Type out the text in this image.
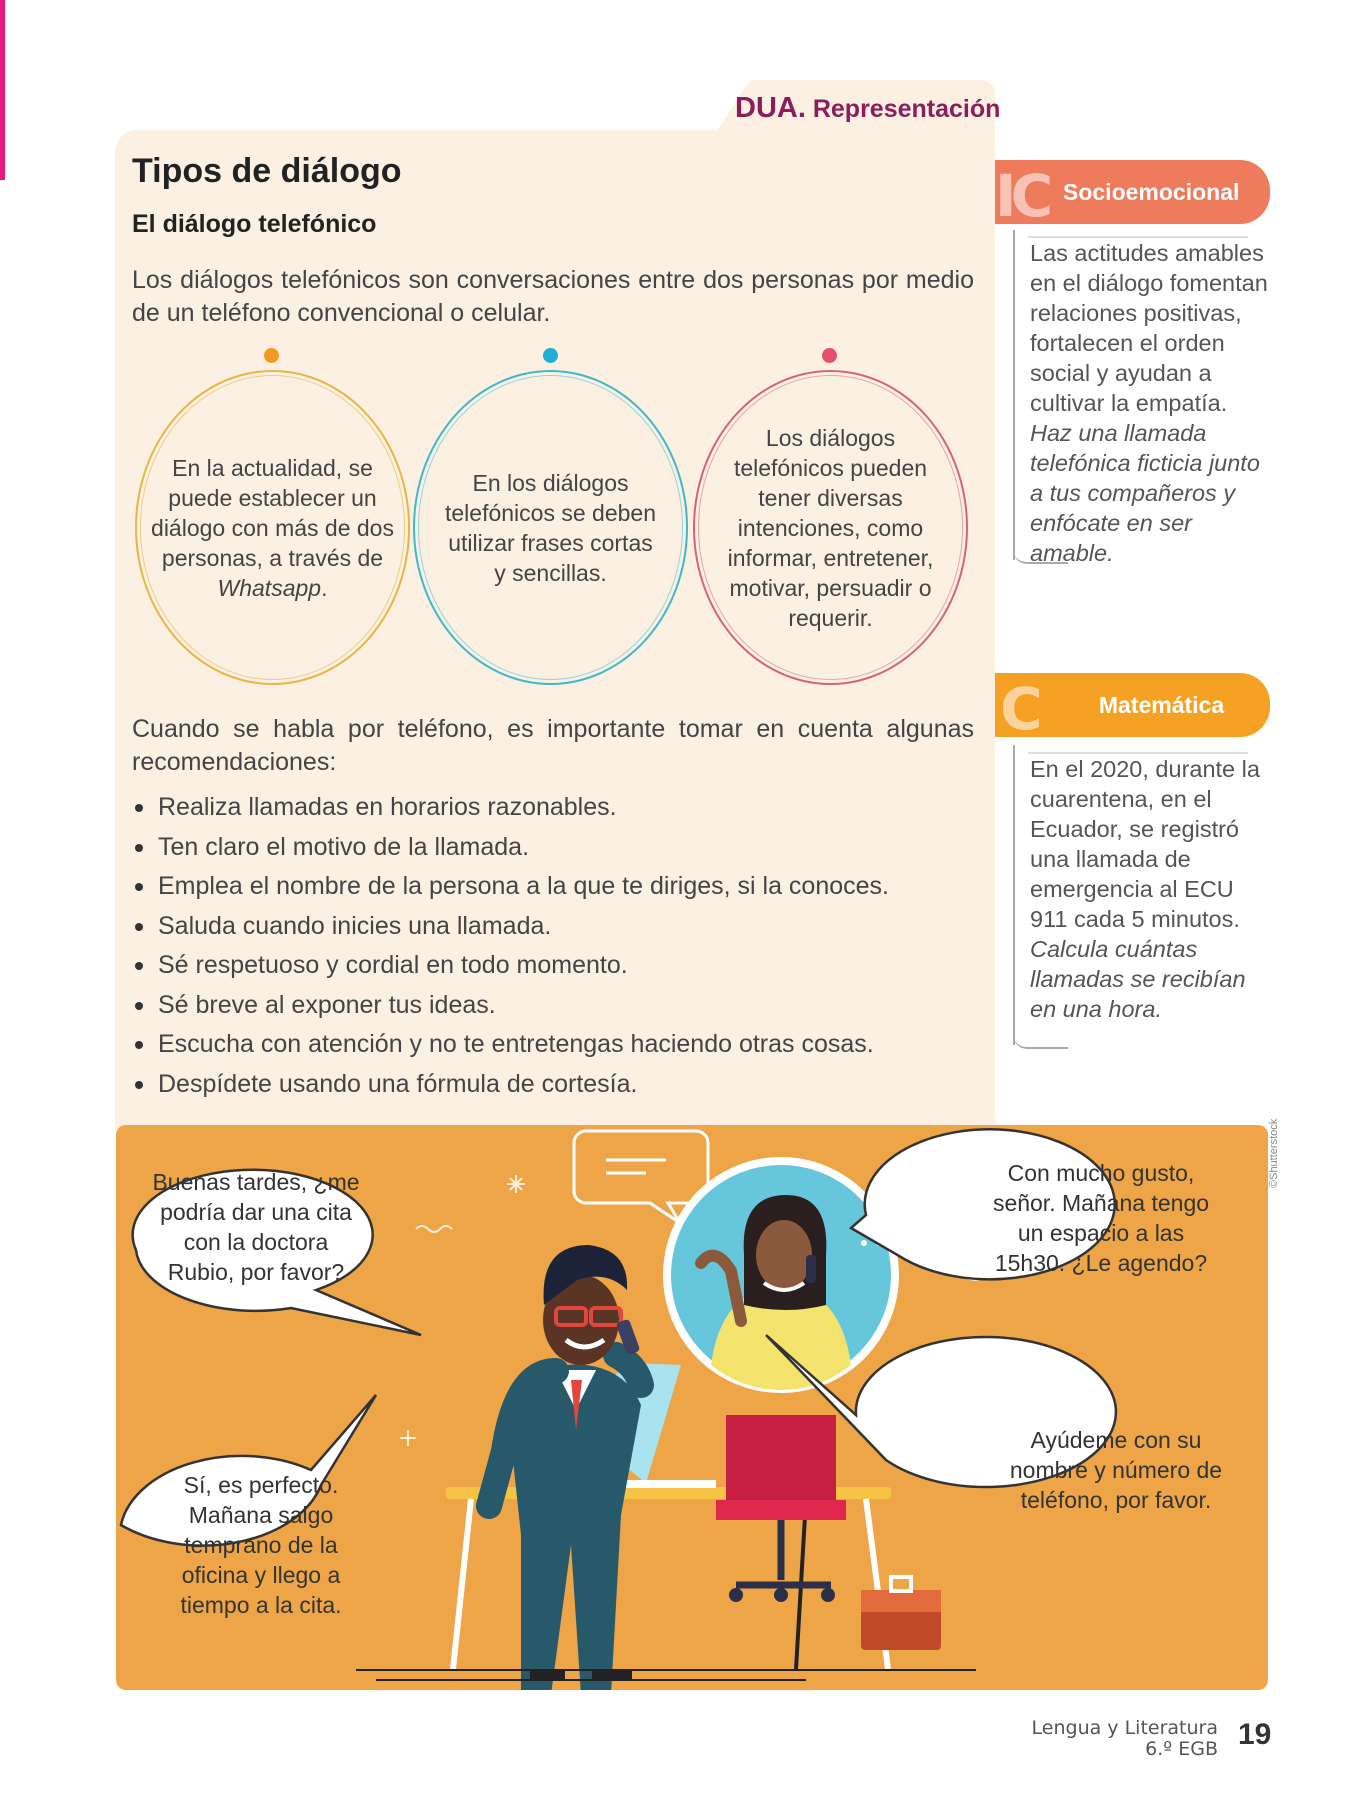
DUA. Representación
Tipos de diálogo
El diálogo telefónico
Los diálogos telefónicos son conversaciones entre dos personas por medio de un teléfono convencional o celular.
En la actualidad, se puede establecer un diálogo con más de dos personas, a través de Whatsapp.
En los diálogos telefónicos se deben utilizar frases cortas y sencillas.
Los diálogos telefónicos pueden tener diversas intenciones, como informar, entretener, motivar, persuadir o requerir.
Cuando se habla por teléfono, es importante tomar en cuenta algunas recomendaciones:
Realiza llamadas en horarios razonables.
Ten claro el motivo de la llamada.
Emplea el nombre de la persona a la que te diriges, si la conoces.
Saluda cuando inicies una llamada.
Sé respetuoso y cordial en todo momento.
Sé breve al exponer tus ideas.
Escucha con atención y no te entretengas haciendo otras cosas.
Despídete usando una fórmula de cortesía.
IC Socioemocional
Las actitudes amables en el diálogo fomentan relaciones positivas, fortalecen el orden social y ayudan a cultivar la empatía.
Haz una llamada telefónica ficticia junto a tus compañeros y enfócate en ser amable.
C	Matemática
En el 2020, durante la cuarentena, en el Ecuador, se registró una llamada de emergencia al ECU 911 cada 5 minutos.
Calcula cuántas llamadas se recibían en una hora.
Buenas tardes, ¿me podría dar una cita con la doctora Rubio, por favor?
Con mucho gusto, señor. Mañana tengo un espacio a las 15h30. ¿Le agendo?
Sí, es perfecto. Mañana salgo temprano de la oficina y llego a tiempo a la cita.
Ayúdeme con su nombre y número de teléfono, por favor.
©Shutterstock
Lengua y Literatura
6.º EGB 19
